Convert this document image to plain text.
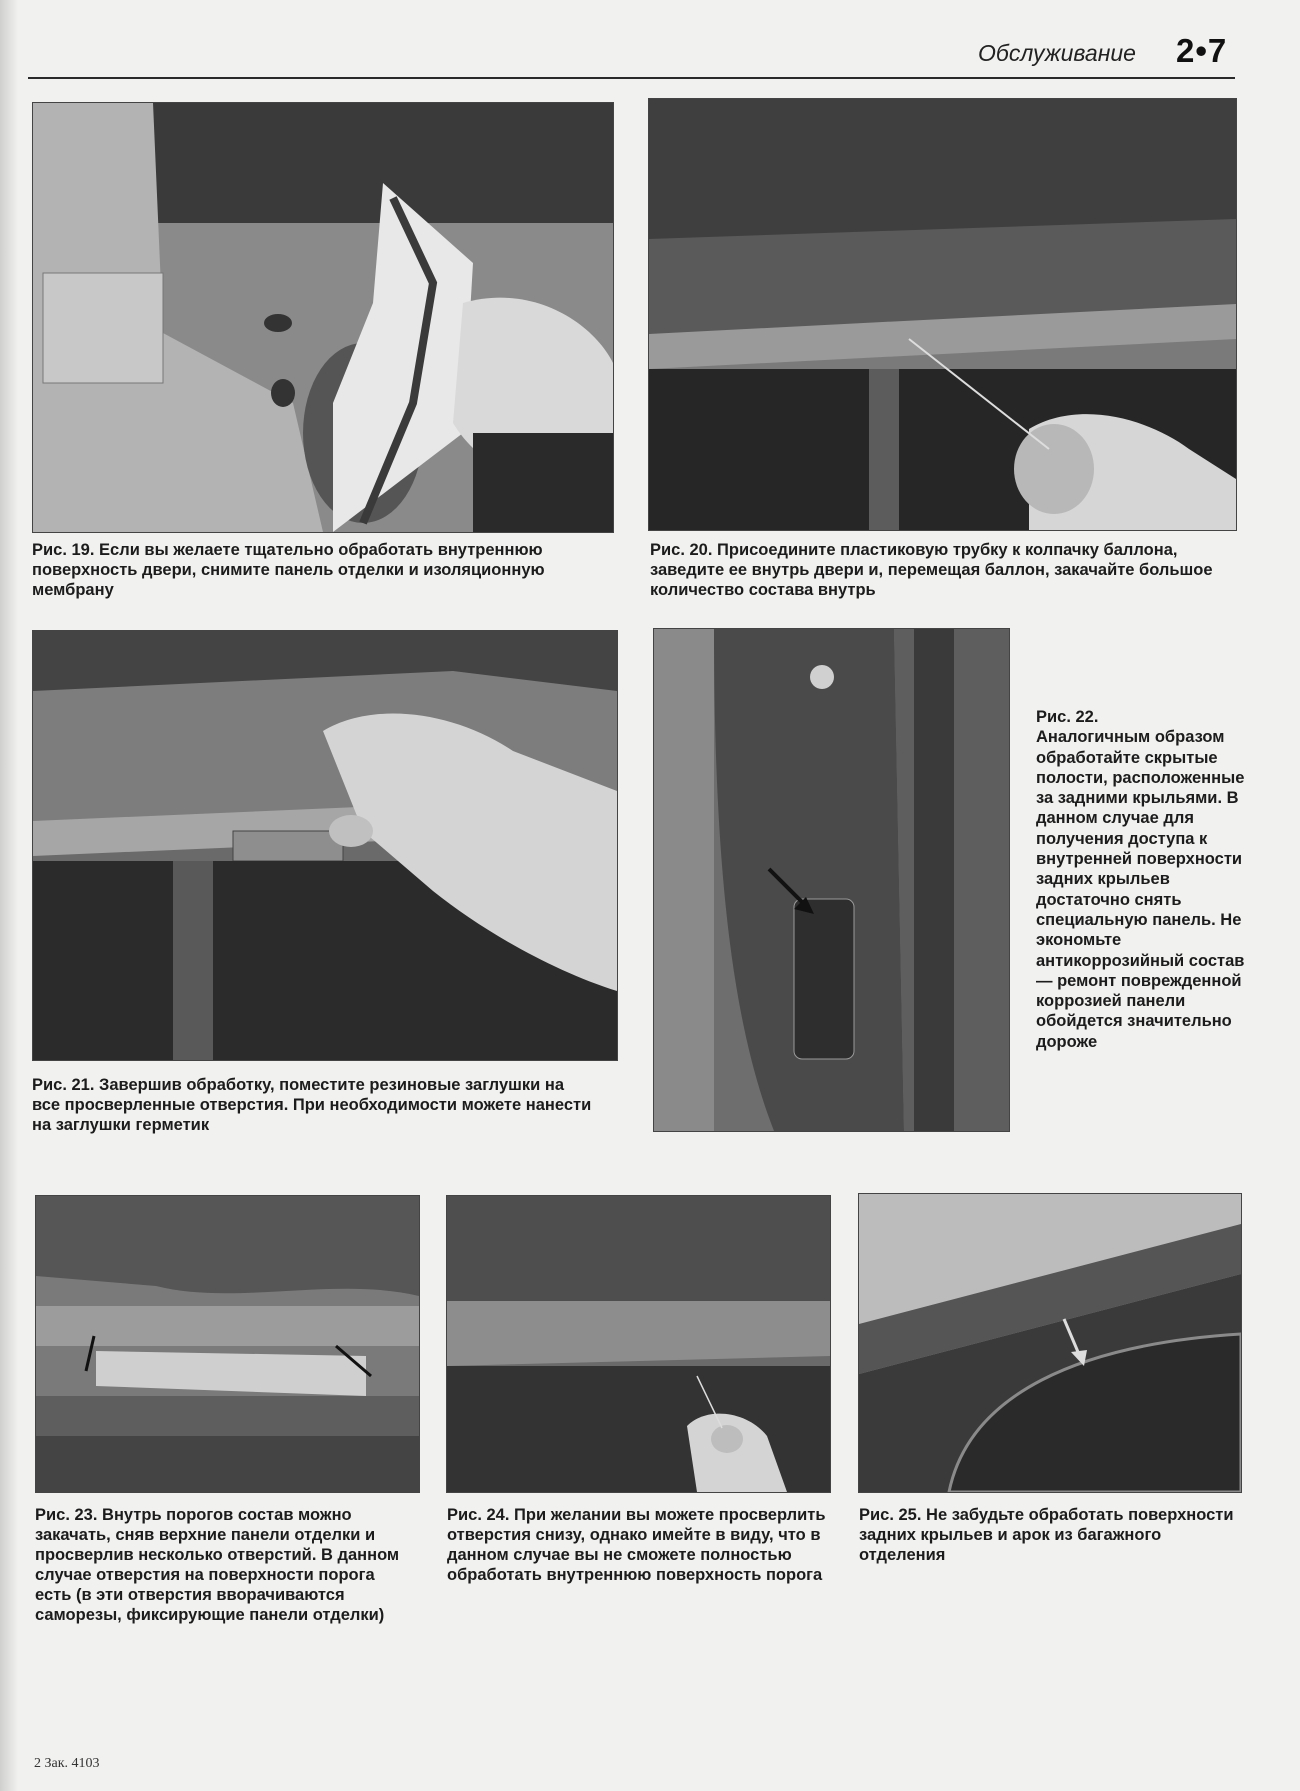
Обслуживание 2•7
Рис. 19. Если вы желаете тщательно обработать внутреннюю поверхность двери, снимите панель отделки и изоляционную мембрану
Рис. 20. Присоедините пластиковую трубку к колпачку баллона, заведите ее внутрь двери и, перемещая баллон, закачайте большое количество состава внутрь
Рис. 21. Завершив обработку, поместите резиновые заглушки на все просверленные отверстия. При необходимости можете нанести на заглушки герметик
Рис. 22.
Аналогичным образом обработайте скрытые полости, расположенные за задними крыльями. В данном случае для получения доступа к внутренней поверхности задних крыльев достаточно снять специальную панель. Не экономьте антикоррозийный состав — ремонт поврежденной коррозией панели обойдется значительно дороже
Рис. 23. Внутрь порогов состав можно закачать, сняв верхние панели отделки и просверлив несколько отверстий. В данном случае отверстия на поверхности порога есть (в эти отверстия вворачиваются саморезы, фиксирующие панели отделки)
Рис. 24. При желании вы можете просверлить отверстия снизу, однако имейте в виду, что в данном случае вы не сможете полностью обработать внутреннюю поверхность порога
Рис. 25. Не забудьте обработать поверхности задних крыльев и арок из багажного отделения
2 Зак. 4103
